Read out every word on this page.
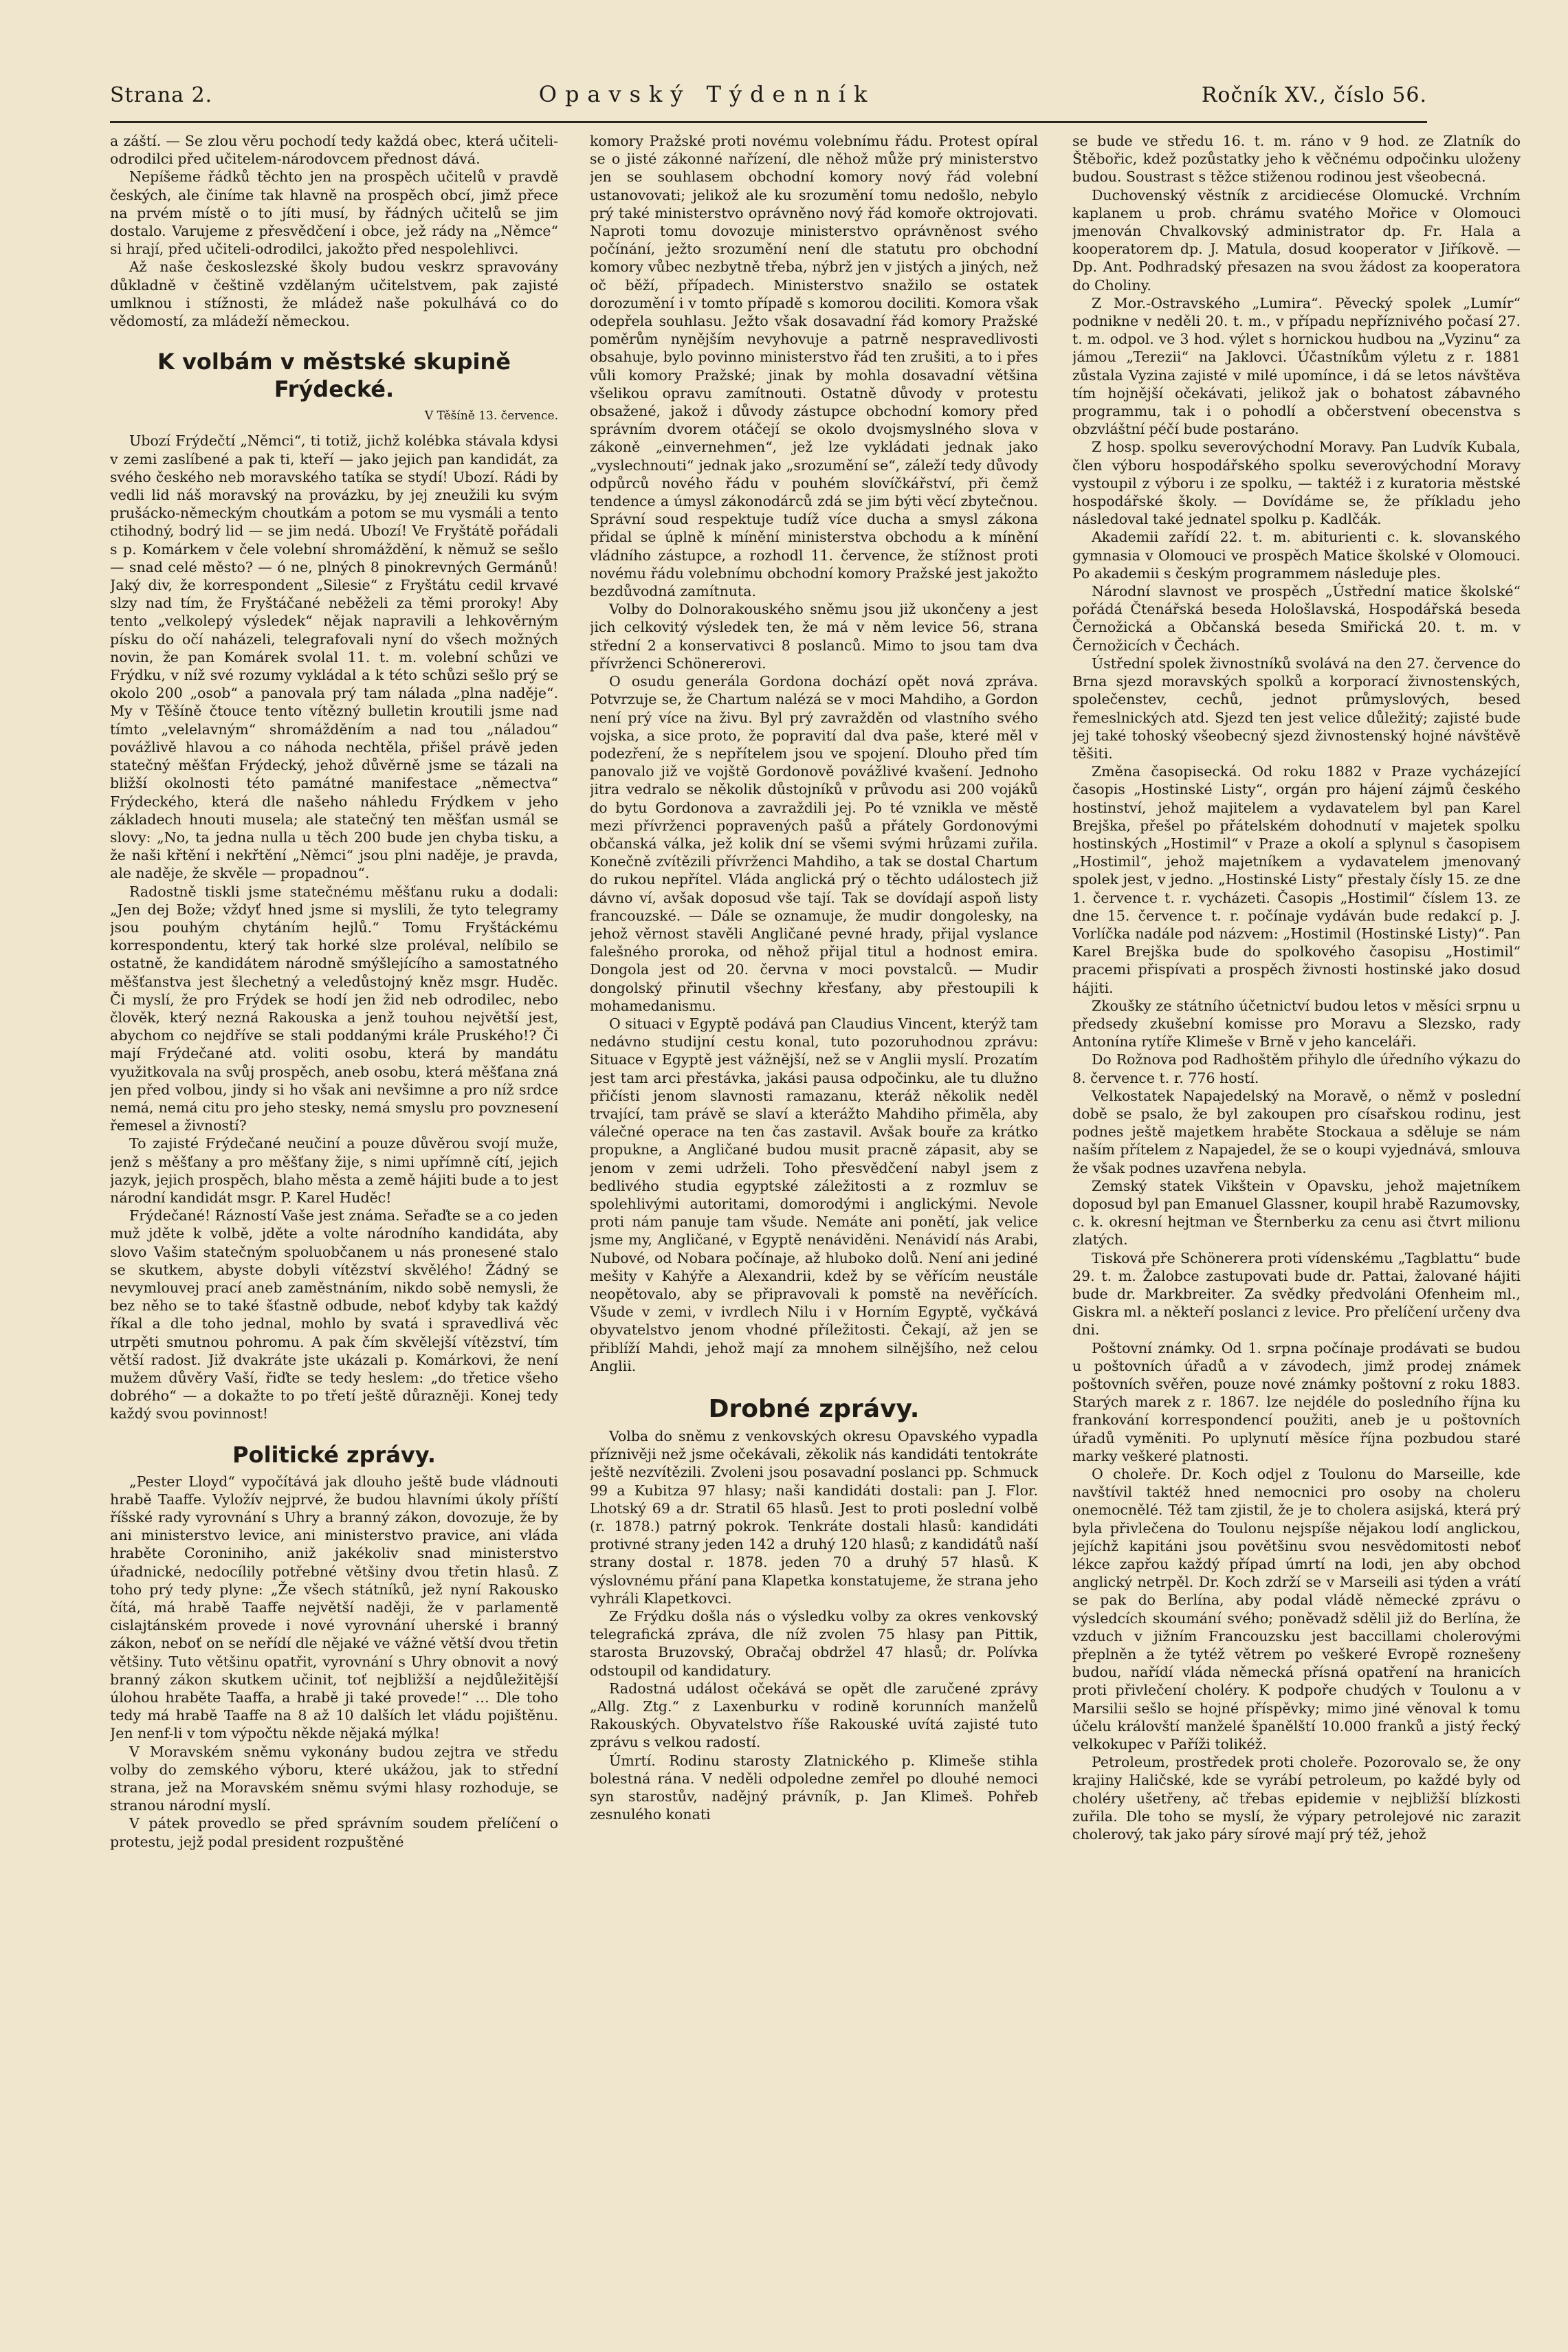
Strana 2.	Opavský Týdenník	Ročník XV., číslo 56.

a záští. — Se zlou věru pochodí tedy každá obec, která učiteli-odrodilci před učitelem-národovcem přednost dává.

Nepíšeme řádků těchto jen na prospěch učitelů v pravdě českých, ale činíme tak hlavně na prospěch obcí, jimž přece na prvém místě o to jíti musí, by řádných učitelů se jim dostalo. Varujeme z přesvědčení i obce, jež rády na „Němce“ si hrají, před učiteli-odrodilci, jakožto před nespolehlivci.

Až naše českoslezské školy budou veskrz spravovány důkladně v češtině vzdělaným učitelstvem, pak zajisté umlknou i stížnosti, že mládež naše pokulhává co do vědomostí, za mládeží německou.

K volbám v městské skupině Frýdecké.
V Těšíně 13. července.

Ubozí Frýdečtí „Němci“, ti totiž, jichž kolébka stávala kdysi v zemi zaslíbené a pak ti, kteří — jako jejich pan kandidát, za svého českého neb moravského tatíka se stydí! Ubozí. Rádi by vedli lid náš moravský na provázku, by jej zneužili ku svým prušácko-německým choutkám a potom se mu vysmáli a tento ctihodný, bodrý lid — se jim nedá. Ubozí! Ve Fryštátě pořádali s p. Komárkem v čele volební shromáždění, k němuž se sešlo — snad celé město? — ó ne, plných 8 pinokrevných Germánů! Jaký div, že korrespondent „Silesie“ z Fryštátu cedil krvavé slzy nad tím, že Fryštáčané neběželi za těmi proroky! Aby tento „velkolepý výsledek“ nějak napravili a lehkověrným písku do očí naházeli, telegrafovali nyní do všech možných novin, že pan Komárek svolal 11. t. m. volební schůzi ve Frýdku, v níž své rozumy vykládal a k této schůzi sešlo prý se okolo 200 „osob“ a panovala prý tam nálada „plna naděje“. My v Těšíně čtouce tento vítězný bulletin kroutili jsme nad tímto „velelavným“ shromážděním a nad tou „náladou“ povážlivě hlavou a co náhoda nechtěla, přišel právě jeden statečný měšťan Frýdecký, jehož důvěrně jsme se tázali na bližší okolnosti této památné manifestace „němectva“ Frýdeckého, která dle našeho náhledu Frýdkem v jeho základech hnouti musela; ale statečný ten měšťan usmál se slovy: „No, ta jedna nulla u těch 200 bude jen chyba tisku, a že naši křtění i nekřtění „Němci“ jsou plni naděje, je pravda, ale naděje, že skvěle — propadnou“.

Radostně tiskli jsme statečnému měšťanu ruku a dodali: „Jen dej Bože; vždyť hned jsme si myslili, že tyto telegramy jsou pouhým chytáním hejlů.“ Tomu Fryštáckému korrespondentu, který tak horké slze proléval, nelíbilo se ostatně, že kandidátem národně smýšlejícího a samostatného měšťanstva jest šlechetný a veledůstojný kněz msgr. Huděc. Či myslí, že pro Frýdek se hodí jen žid neb odrodilec, nebo člověk, který nezná Rakouska a jenž touhou největší jest, abychom co nejdříve se stali poddanými krále Pruského!? Či mají Frýdečané atd. voliti osobu, která by mandátu využitkovala na svůj prospěch, aneb osobu, která měšťana zná jen před volbou, jindy si ho však ani nevšimne a pro níž srdce nemá, nemá citu pro jeho stesky, nemá smyslu pro povznesení řemesel a živností?

To zajisté Frýdečané neučiní a pouze důvěrou svojí muže, jenž s měšťany a pro měšťany žije, s nimi upřímně cítí, jejich jazyk, jejich prospěch, blaho města a země hájiti bude a to jest národní kandidát msgr. P. Karel Huděc!

Frýdečané! Rázností Vaše jest známa. Seřaďte se a co jeden muž jděte k volbě, jděte a volte národního kandidáta, aby slovo Vašim statečným spoluobčanem u nás pronesené stalo se skutkem, abyste dobyli vítězství skvělého! Žádný se nevymlouvej prací aneb zaměstnáním, nikdo sobě nemysli, že bez něho se to také šťastně odbude, neboť kdyby tak každý říkal a dle toho jednal, mohlo by svatá i spravedlivá věc utrpěti smutnou pohromu. A pak čím skvělejší vítězství, tím větší radost. Již dvakráte jste ukázali p. Komárkovi, že není mužem důvěry Vaší, řiďte se tedy heslem: „do třetice všeho dobrého“ — a dokažte to po třetí ještě důrazněji. Konej tedy každý svou povinnost!

Politické zprávy.

„Pester Lloyd“ vypočítává jak dlouho ještě bude vládnouti hrabě Taaffe. Vyložív nejprvé, že budou hlavními úkoly příští říšské rady vyrovnání s Uhry a branný zákon, dovozuje, že by ani ministerstvo levice, ani ministerstvo pravice, ani vláda hraběte Coroniniho, aniž jakékoliv snad ministerstvo úřadnické, nedocílily potřebné většiny dvou třetin hlasů. Z toho prý tedy plyne: „Že všech státníků, jež nyní Rakousko čítá, má hrabě Taaffe největší naději, že v parlamentě cislajtánském provede i nové vyrovnání uherské i branný zákon, neboť on se neřídí dle nějaké ve vážné větší dvou třetin většiny. Tuto většinu opatřit, vyrovnání s Uhry obnovit a nový branný zákon skutkem učinit, toť nejbližší a nejdůležitější úlohou hraběte Taaffa, a hrabě ji také provede!“ … Dle toho tedy má hrabě Taaffe na 8 až 10 dalších let vládu pojištěnu. Jen nenf-li v tom výpočtu někde nějaká mýlka!

V Moravském sněmu vykonány budou zejtra ve středu volby do zemského výboru, které ukážou, jak to střední strana, jež na Moravském sněmu svými hlasy rozhoduje, se stranou národní myslí.

V pátek provedlo se před správním soudem přelíčení o protestu, jejž podal president rozpuštěné

komory Pražské proti novému volebnímu řádu. Protest opíral se o jisté zákonné nařízení, dle něhož může prý ministerstvo jen se souhlasem obchodní komory nový řád volební ustanovovati; jelikož ale ku srozumění tomu nedošlo, nebylo prý také ministerstvo oprávněno nový řád komoře oktrojovati. Naproti tomu dovozuje ministerstvo oprávněnost svého počínání, ježto srozumění není dle statutu pro obchodní komory vůbec nezbytně třeba, nýbrž jen v jistých a jiných, než oč běží, případech. Ministerstvo snažilo se ostatek dorozumění i v tomto případě s komorou dociliti. Komora však odepřela souhlasu. Ježto však dosavadní řád komory Pražské poměrům nynějším nevyhovuje a patrně nespravedlivosti obsahuje, bylo povinno ministerstvo řád ten zrušiti, a to i přes vůli komory Pražské; jinak by mohla dosavadní většina všelikou opravu zamítnouti. Ostatně důvody v protestu obsažené, jakož i důvody zástupce obchodní komory před správním dvorem otáčejí se okolo dvojsmyslného slova v zákoně „einvernehmen“, jež lze vykládati jednak jako „vyslechnouti“ jednak jako „srozumění se“, záleží tedy důvody odpůrců nového řádu v pouhém slovíčkářství, při čemž tendence a úmysl zákonodárců zdá se jim býti věcí zbytečnou. Správní soud respektuje tudíž více ducha a smysl zákona přidal se úplně k mínění ministerstva obchodu a k mínění vládního zástupce, a rozhodl 11. července, že stížnost proti novému řádu volebnímu obchodní komory Pražské jest jakožto bezdůvodná zamítnuta.

Volby do Dolnorakouského sněmu jsou již ukončeny a jest jich celkovitý výsledek ten, že má v něm levice 56, strana střední 2 a konservativci 8 poslanců. Mimo to jsou tam dva přívrženci Schönererovi.

O osudu generála Gordona dochází opět nová zpráva. Potvrzuje se, že Chartum nalézá se v moci Mahdiho, a Gordon není prý více na živu. Byl prý zavražděn od vlastního svého vojska, a sice proto, že popravití dal dva paše, které měl v podezření, že s nepřítelem jsou ve spojení. Dlouho před tím panovalo již ve vojště Gordonově povážlivé kvašení. Jednoho jitra vedralo se několik důstojníků v průvodu asi 200 vojáků do bytu Gordonova a zavraždili jej. Po té vznikla ve městě mezi přívrženci popravených pašů a přátely Gordonovými občanská válka, jež kolik dní se všemi svými hrůzami zuřila. Konečně zvítězili přívrženci Mahdiho, a tak se dostal Chartum do rukou nepřítel. Vláda anglická prý o těchto událostech již dávno ví, avšak doposud vše tají. Tak se dovídají aspoň listy francouzské. — Dále se oznamuje, že mudir dongolesky, na jehož věrnost stavěli Angličané pevné hrady, přijal vyslance falešného proroka, od něhož přijal titul a hodnost emira. Dongola jest od 20. června v moci povstalců. — Mudir dongolský přinutil všechny křesťany, aby přestoupili k mohamedanismu.

O situaci v Egyptě podává pan Claudius Vincent, kterýž tam nedávno studijní cestu konal, tuto pozoruhodnou zprávu: Situace v Egyptě jest vážnější, než se v Anglii myslí. Prozatím jest tam arci přestávka, jakási pausa odpočinku, ale tu dlužno přičísti jenom slavnosti ramazanu, kteráž několik neděl trvající, tam právě se slaví a kterážto Mahdiho přiměla, aby válečné operace na ten čas zastavil. Avšak bouře za krátko propukne, a Angličané budou musit pracně zápasit, aby se jenom v zemi udrželi. Toho přesvědčení nabyl jsem z bedlivého studia egyptské záležitosti a z rozmluv se spolehlivými autoritami, domorodými i anglickými. Nevole proti nám panuje tam všude. Nemáte ani ponětí, jak velice jsme my, Angličané, v Egyptě nenáviděni. Nenávidí nás Arabi, Nubové, od Nobara počínaje, až hluboko dolů. Není ani jediné mešity v Kahýře a Alexandrii, kdež by se věřícím neustále neopětovalo, aby se připravovali k pomstě na nevěřících. Všude v zemi, v ivrdlech Nilu i v Horním Egyptě, vyčkává obyvatelstvo jenom vhodné příležitosti. Čekají, až jen se přiblíží Mahdi, jehož mají za mnohem silnějšího, než celou Anglii.

Drobné zprávy.

Volba do sněmu z venkovských okresu Opavského vypadla příznivěji než jsme očekávali, zěkolik nás kandidáti tentokráte ještě nezvítězili. Zvoleni jsou posavadní poslanci pp. Schmuck 99 a Kubitza 97 hlasy; naši kandidáti dostali: pan J. Flor. Lhotský 69 a dr. Stratil 65 hlasů. Jest to proti poslední volbě (r. 1878.) patrný pokrok. Tenkráte dostali hlasů: kandidáti protivné strany jeden 142 a druhý 120 hlasů; z kandidátů naší strany dostal r. 1878. jeden 70 a druhý 57 hlasů. K výslovnému přání pana Klapetka konstatujeme, že strana jeho vyhráli Klapetkovci.

Ze Frýdku došla nás o výsledku volby za okres venkovský telegrafická zpráva, dle níž zvolen 75 hlasy pan Pittik, starosta Bruzovský, Obračaj obdržel 47 hlasů; dr. Polívka odstoupil od kandidatury.

Radostná událost očekává se opět dle zaručené zprávy „Allg. Ztg.“ z Laxenburku v rodině korunních manželů Rakouských. Obyvatelstvo říše Rakouské uvítá zajisté tuto zprávu s velkou radostí.

Úmrtí. Rodinu starosty Zlatnického p. Klimeše stihla bolestná rána. V neděli odpoledne zemřel po dlouhé nemoci syn starostův, nadějný právník, p. Jan Klimeš. Pohřeb zesnulého konati

se bude ve středu 16. t. m. ráno v 9 hod. ze Zlatník do Štěbořic, kdež pozůstatky jeho k věčnému odpočinku uloženy budou. Soustrast s těžce stiženou rodinou jest všeobecná.

Duchovenský věstník z arcidiecése Olomucké. Vrchním kaplanem u prob. chrámu svatého Mořice v Olomouci jmenován Chvalkovský administrator dp. Fr. Hala a kooperatorem dp. J. Matula, dosud kooperator v Jiříkově. — Dp. Ant. Podhradský přesazen na svou žádost za kooperatora do Choliny.

Z Mor.-Ostravského „Lumira“. Pěvecký spolek „Lumír“ podnikne v neděli 20. t. m., v případu nepříznivého počasí 27. t. m. odpol. ve 3 hod. výlet s hornickou hudbou na „Vyzinu“ za jámou „Terezii“ na Jaklovci. Účastníkům výletu z r. 1881 zůstala Vyzina zajisté v milé upomínce, i dá se letos návštěva tím hojnější očekávati, jelikož jak o bohatost zábavného programmu, tak i o pohodlí a občerstvení obecenstva s obzvláštní péčí bude postaráno.

Z hosp. spolku severovýchodní Moravy. Pan Ludvík Kubala, člen výboru hospodářského spolku severovýchodní Moravy vystoupil z výboru i ze spolku, — taktéž i z kuratoria městské hospodářské školy. — Dovídáme se, že příkladu jeho následoval také jednatel spolku p. Kadlčák.

Akademii zařídí 22. t. m. abiturienti c. k. slovanského gymnasia v Olomouci ve prospěch Matice školské v Olomouci. Po akademii s českým programmem následuje ples.

Národní slavnost ve prospěch „Ústřední matice školské“ pořádá Čtenářská beseda Hološlavská, Hospodářská beseda Černožická a Občanská beseda Smiřická 20. t. m. v Černožicích v Čechách.

Ústřední spolek živnostníků svolává na den 27. července do Brna sjezd moravských spolků a korporací živnostenských, společenstev, cechů, jednot průmyslových, besed řemeslnických atd. Sjezd ten jest velice důležitý; zajisté bude jej také tohoský všeobecný sjezd živnostenský hojné návštěvě těšiti.

Změna časopisecká. Od roku 1882 v Praze vycházející časopis „Hostinské Listy“, orgán pro hájení zájmů českého hostinství, jehož majitelem a vydavatelem byl pan Karel Brejška, přešel po přátelském dohodnutí v majetek spolku hostinských „Hostimil“ v Praze a okolí a splynul s časopisem „Hostimil“, jehož majetníkem a vydavatelem jmenovaný spolek jest, v jedno. „Hostinské Listy“ přestaly čísly 15. ze dne 1. července t. r. vycházeti. Časopis „Hostimil“ číslem 13. ze dne 15. července t. r. počínaje vydáván bude redakcí p. J. Vorlíčka nadále pod názvem: „Hostimil (Hostinské Listy)“. Pan Karel Brejška bude do spolkového časopisu „Hostimil“ pracemi přispívati a prospěch živnosti hostinské jako dosud hájiti.

Zkoušky ze státního účetnictví budou letos v měsíci srpnu u předsedy zkušební komisse pro Moravu a Slezsko, rady Antonína rytíře Klimeše v Brně v jeho kanceláři.

Do Rožnova pod Radhoštěm přihylo dle úředního výkazu do 8. července t. r. 776 hostí.

Velkostatek Napajedelský na Moravě, o němž v poslední době se psalo, že byl zakoupen pro císařskou rodinu, jest podnes ještě majetkem hraběte Stockaua a sděluje se nám naším přítelem z Napajedel, že se o koupi vyjednává, smlouva že však podnes uzavřena nebyla.

Zemský statek Vikštein v Opavsku, jehož majetníkem doposud byl pan Emanuel Glassner, koupil hrabě Razumovsky, c. k. okresní hejtman ve Šternberku za cenu asi čtvrt milionu zlatých.

Tisková pře Schönerera proti vídenskému „Tagblattu“ bude 29. t. m. Žalobce zastupovati bude dr. Pattai, žalované hájiti bude dr. Markbreiter. Za svědky předvoláni Ofenheim ml., Giskra ml. a někteří poslanci z levice. Pro přelíčení určeny dva dni.

Poštovní známky. Od 1. srpna počínaje prodávati se budou u poštovních úřadů a v závodech, jimž prodej známek poštovních svěřen, pouze nové známky poštovní z roku 1883. Starých marek z r. 1867. lze nejdéle do posledního října ku frankování korrespondencí použiti, aneb je u poštovních úřadů vyměniti. Po uplynutí měsíce října pozbudou staré marky veškeré platnosti.

O choleře. Dr. Koch odjel z Toulonu do Marseille, kde navštívil taktéž hned nemocnici pro osoby na choleru onemocnělé. Též tam zjistil, že je to cholera asijská, která prý byla přivlečena do Toulonu nejspíše nějakou lodí anglickou, jejíchž kapitáni jsou povětšinu svou nesvědomitosti neboť lékce zapřou každý případ úmrtí na lodi, jen aby obchod anglický netrpěl. Dr. Koch zdrží se v Marseili asi týden a vrátí se pak do Berlína, aby podal vládě německé zprávu o výsledcích skoumání svého; poněvadž sdělil již do Berlína, že vzduch v jižním Francouzsku jest baccillami cholerovými přeplněn a že tytéž větrem po veškeré Evropě roznešeny budou, nařídí vláda německá přísná opatření na hranicích proti přivlečení choléry. K podpoře chudých v Toulonu a v Marsilii sešlo se hojné příspěvky; mimo jiné věnoval k tomu účelu královští manželé španělští 10.000 franků a jistý řecký velkokupec v Paříži tolikéž.

Petroleum, prostředek proti choleře. Pozorovalo se, že ony krajiny Haličské, kde se vyrábí petroleum, po každé byly od choléry ušetřeny, ač třebas epidemie v nejbližší blízkosti zuřila. Dle toho se myslí, že výpary petrolejové nic zarazit cholerový, tak jako páry sírové mají prý též, jehož
